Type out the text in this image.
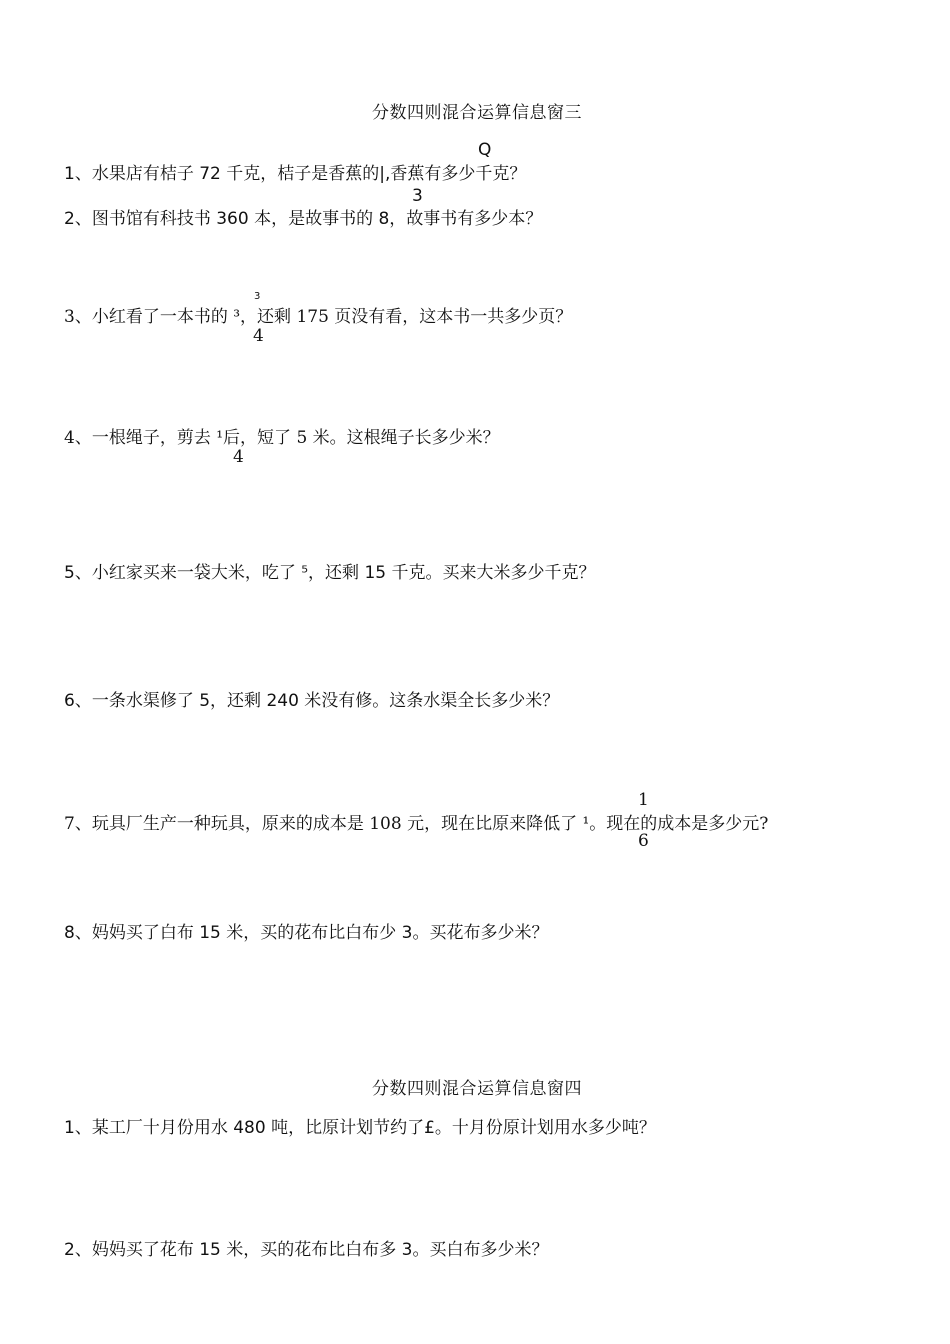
分数四则混合运算信息窗三
Q
1、水果店有桔子 72 千克，桔子是香蕉的|,香蕉有多少千克？
3
2、图书馆有科技书 360 本，是故事书的 8，故事书有多少本？
3
3、小红看了一本书的 ³，还剩 175 页没有看，这本书一共多少页？
4
4、一根绳子，剪去 ¹后，短了 5 米。这根绳子长多少米？
4
5、小红家买来一袋大米，吃了 ⁵，还剩 15 千克。买来大米多少千克？
6、一条水渠修了 5，还剩 240 米没有修。这条水渠全长多少米？
1
7、玩具厂生产一种玩具，原来的成本是 108 元，现在比原来降低了 ¹。现在的成本是多少元?
6
8、妈妈买了白布 15 米，买的花布比白布少 3。买花布多少米？
分数四则混合运算信息窗四
1、某工厂十月份用水 480 吨，比原计划节约了£。十月份原计划用水多少吨？
2、妈妈买了花布 15 米，买的花布比白布多 3。买白布多少米？
